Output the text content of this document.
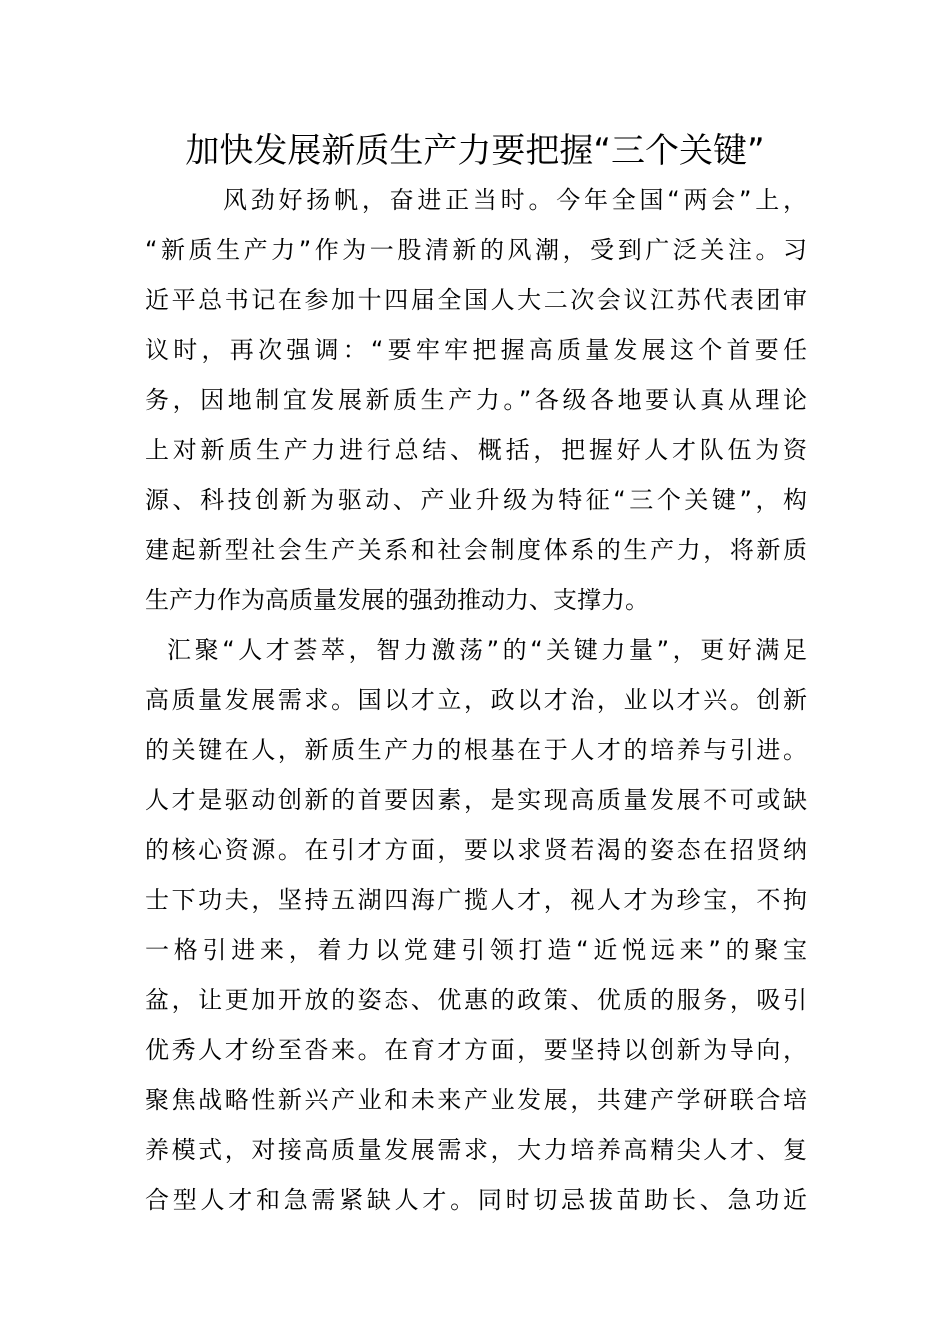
加快发展新质生产力要把握“三个关键”

风劲好扬帆，奋进正当时。今年全国“两会”上，

“新质生产力”作为一股清新的风潮，受到广泛关注。习

近平总书记在参加十四届全国人大二次会议江苏代表团审

议时，再次强调：“要牢牢把握高质量发展这个首要任

务，因地制宜发展新质生产力。”各级各地要认真从理论

上对新质生产力进行总结、概括，把握好人才队伍为资

源、科技创新为驱动、产业升级为特征“三个关键”，构

建起新型社会生产关系和社会制度体系的生产力，将新质

生产力作为高质量发展的强劲推动力、支撑力。

汇聚“人才荟萃，智力激荡”的“关键力量”，更好满足

高质量发展需求。国以才立，政以才治，业以才兴。创新

的关键在人，新质生产力的根基在于人才的培养与引进。

人才是驱动创新的首要因素，是实现高质量发展不可或缺

的核心资源。在引才方面，要以求贤若渴的姿态在招贤纳

士下功夫，坚持五湖四海广揽人才，视人才为珍宝，不拘

一格引进来，着力以党建引领打造“近悦远来”的聚宝

盆，让更加开放的姿态、优惠的政策、优质的服务，吸引

优秀人才纷至沓来。在育才方面，要坚持以创新为导向，

聚焦战略性新兴产业和未来产业发展，共建产学研联合培

养模式，对接高质量发展需求，大力培养高精尖人才、复

合型人才和急需紧缺人才。同时切忌拔苗助长、急功近
